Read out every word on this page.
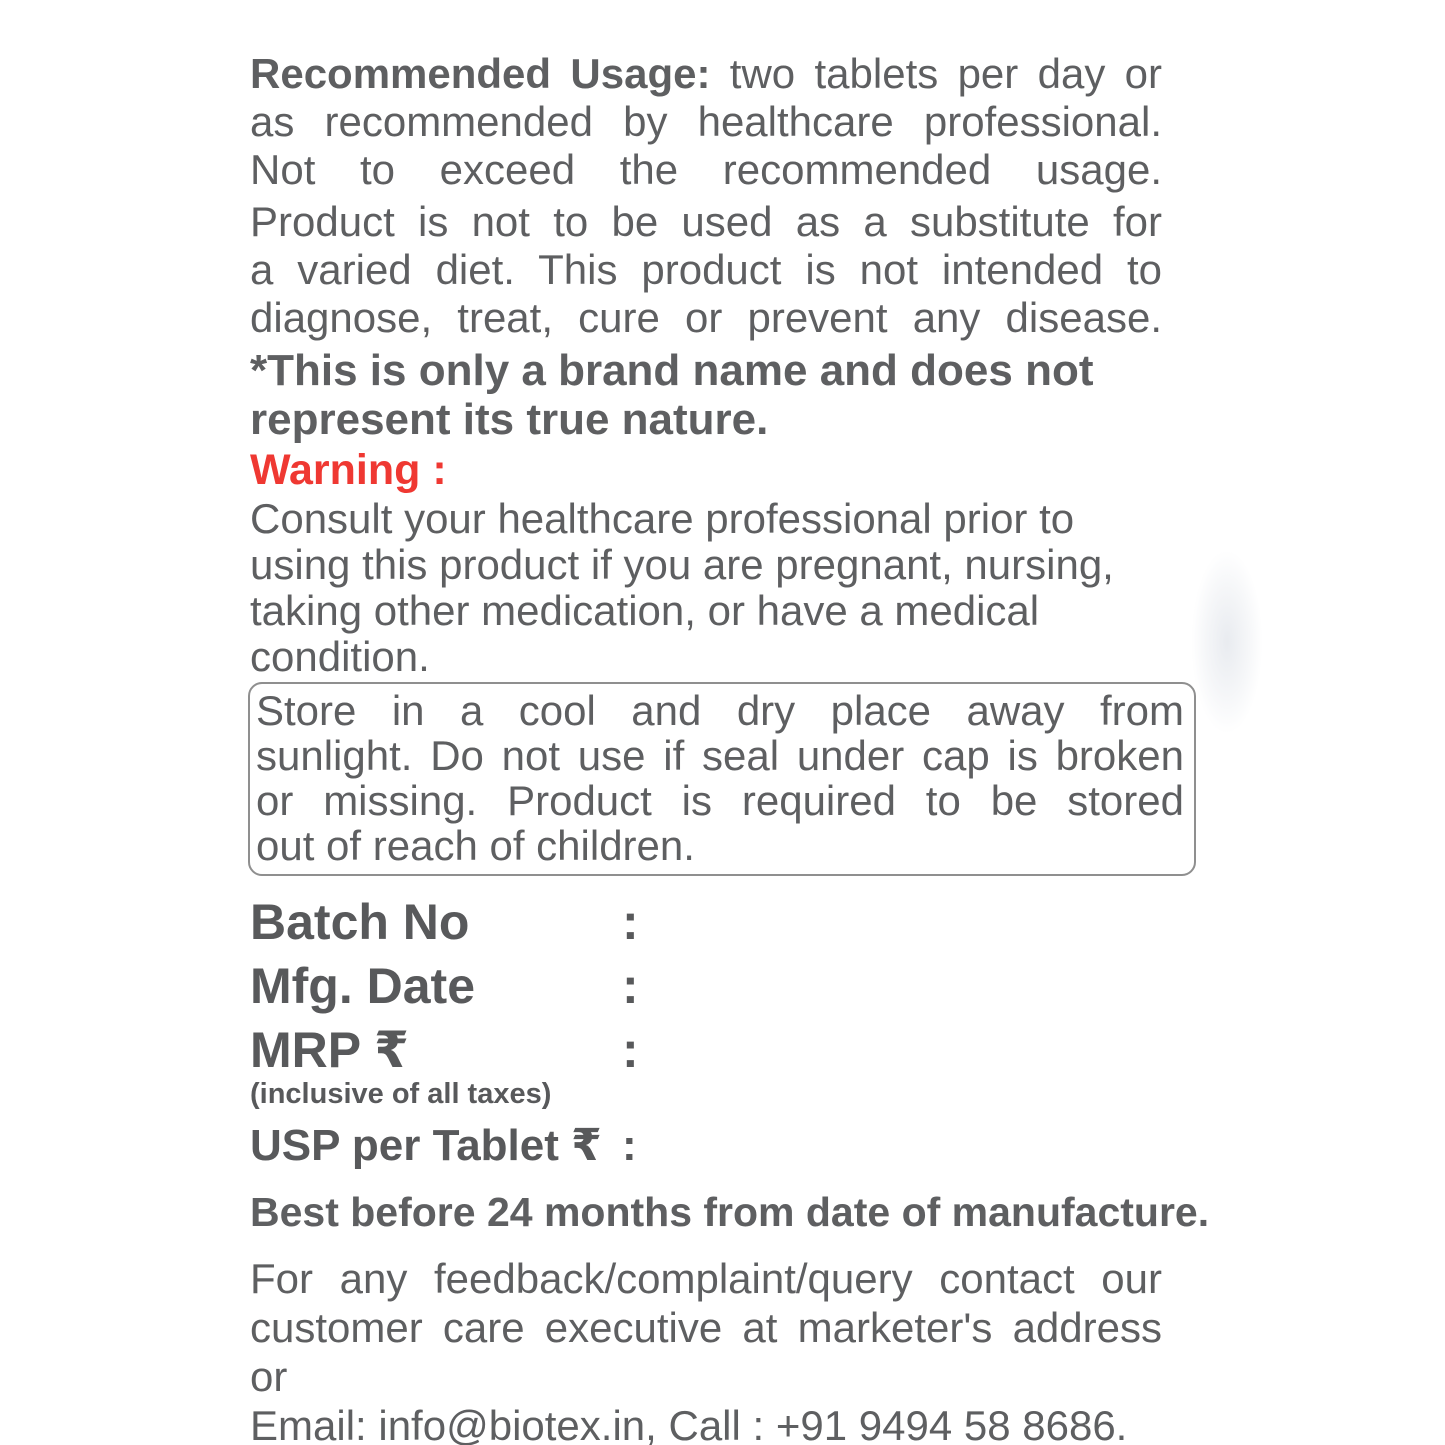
Recommended Usage: two tablets per day or
as recommended by healthcare professional.
Not to exceed the recommended usage.
Product is not to be used as a substitute for
a varied diet. This product is not intended to
diagnose, treat, cure or prevent any disease.
*This is only a brand name and does not
represent its true nature.
Warning :
Consult your healthcare professional prior to
using this product if you are pregnant, nursing,
taking other medication, or have a medical
condition.
Store in a cool and dry place away from
sunlight. Do not use if seal under cap is broken
or missing. Product is required to be stored
out of reach of children.
Batch No	:
Mfg. Date	:
MRP ₹	:
(inclusive of all taxes)
USP per Tablet ₹ :
Best before 24 months from date of manufacture.
For any feedback/complaint/query contact our
customer care executive at marketer's address or
Email: info@biotex.in, Call : +91 9494 58 8686.
